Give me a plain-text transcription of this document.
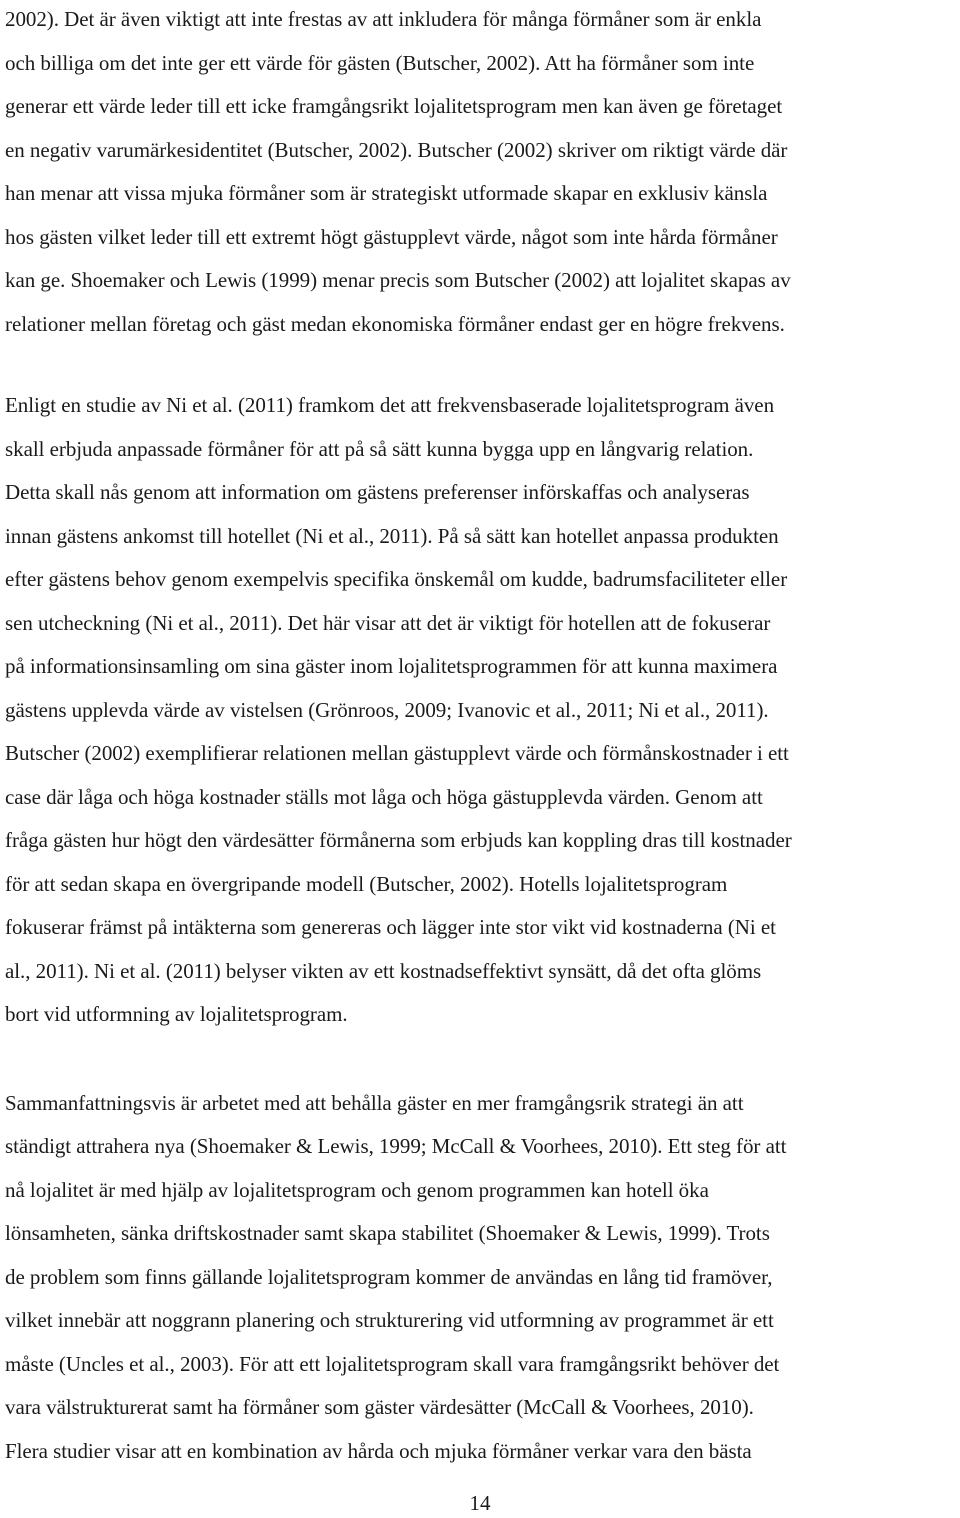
2002). Det är även viktigt att inte frestas av att inkludera för många förmåner som är enkla
och billiga om det inte ger ett värde för gästen (Butscher, 2002). Att ha förmåner som inte
generar ett värde leder till ett icke framgångsrikt lojalitetsprogram men kan även ge företaget
en negativ varumärkesidentitet (Butscher, 2002). Butscher (2002) skriver om riktigt värde där
han menar att vissa mjuka förmåner som är strategiskt utformade skapar en exklusiv känsla
hos gästen vilket leder till ett extremt högt gästupplevt värde, något som inte hårda förmåner
kan ge. Shoemaker och Lewis (1999) menar precis som Butscher (2002) att lojalitet skapas av
relationer mellan företag och gäst medan ekonomiska förmåner endast ger en högre frekvens.
Enligt en studie av Ni et al. (2011) framkom det att frekvensbaserade lojalitetsprogram även
skall erbjuda anpassade förmåner för att på så sätt kunna bygga upp en långvarig relation.
Detta skall nås genom att information om gästens preferenser införskaffas och analyseras
innan gästens ankomst till hotellet (Ni et al., 2011). På så sätt kan hotellet anpassa produkten
efter gästens behov genom exempelvis specifika önskemål om kudde, badrumsfaciliteter eller
sen utcheckning (Ni et al., 2011). Det här visar att det är viktigt för hotellen att de fokuserar
på informationsinsamling om sina gäster inom lojalitetsprogrammen för att kunna maximera
gästens upplevda värde av vistelsen (Grönroos, 2009; Ivanovic et al., 2011; Ni et al., 2011).
Butscher (2002) exemplifierar relationen mellan gästupplevt värde och förmånskostnader i ett
case där låga och höga kostnader ställs mot låga och höga gästupplevda värden. Genom att
fråga gästen hur högt den värdesätter förmånerna som erbjuds kan koppling dras till kostnader
för att sedan skapa en övergripande modell (Butscher, 2002). Hotells lojalitetsprogram
fokuserar främst på intäkterna som genereras och lägger inte stor vikt vid kostnaderna (Ni et
al., 2011). Ni et al. (2011) belyser vikten av ett kostnadseffektivt synsätt, då det ofta glöms
bort vid utformning av lojalitetsprogram.
Sammanfattningsvis är arbetet med att behålla gäster en mer framgångsrik strategi än att
ständigt attrahera nya (Shoemaker & Lewis, 1999; McCall & Voorhees, 2010). Ett steg för att
nå lojalitet är med hjälp av lojalitetsprogram och genom programmen kan hotell öka
lönsamheten, sänka driftskostnader samt skapa stabilitet (Shoemaker & Lewis, 1999). Trots
de problem som finns gällande lojalitetsprogram kommer de användas en lång tid framöver,
vilket innebär att noggrann planering och strukturering vid utformning av programmet är ett
måste (Uncles et al., 2003). För att ett lojalitetsprogram skall vara framgångsrikt behöver det
vara välstrukturerat samt ha förmåner som gäster värdesätter (McCall & Voorhees, 2010).
Flera studier visar att en kombination av hårda och mjuka förmåner verkar vara den bästa
14
